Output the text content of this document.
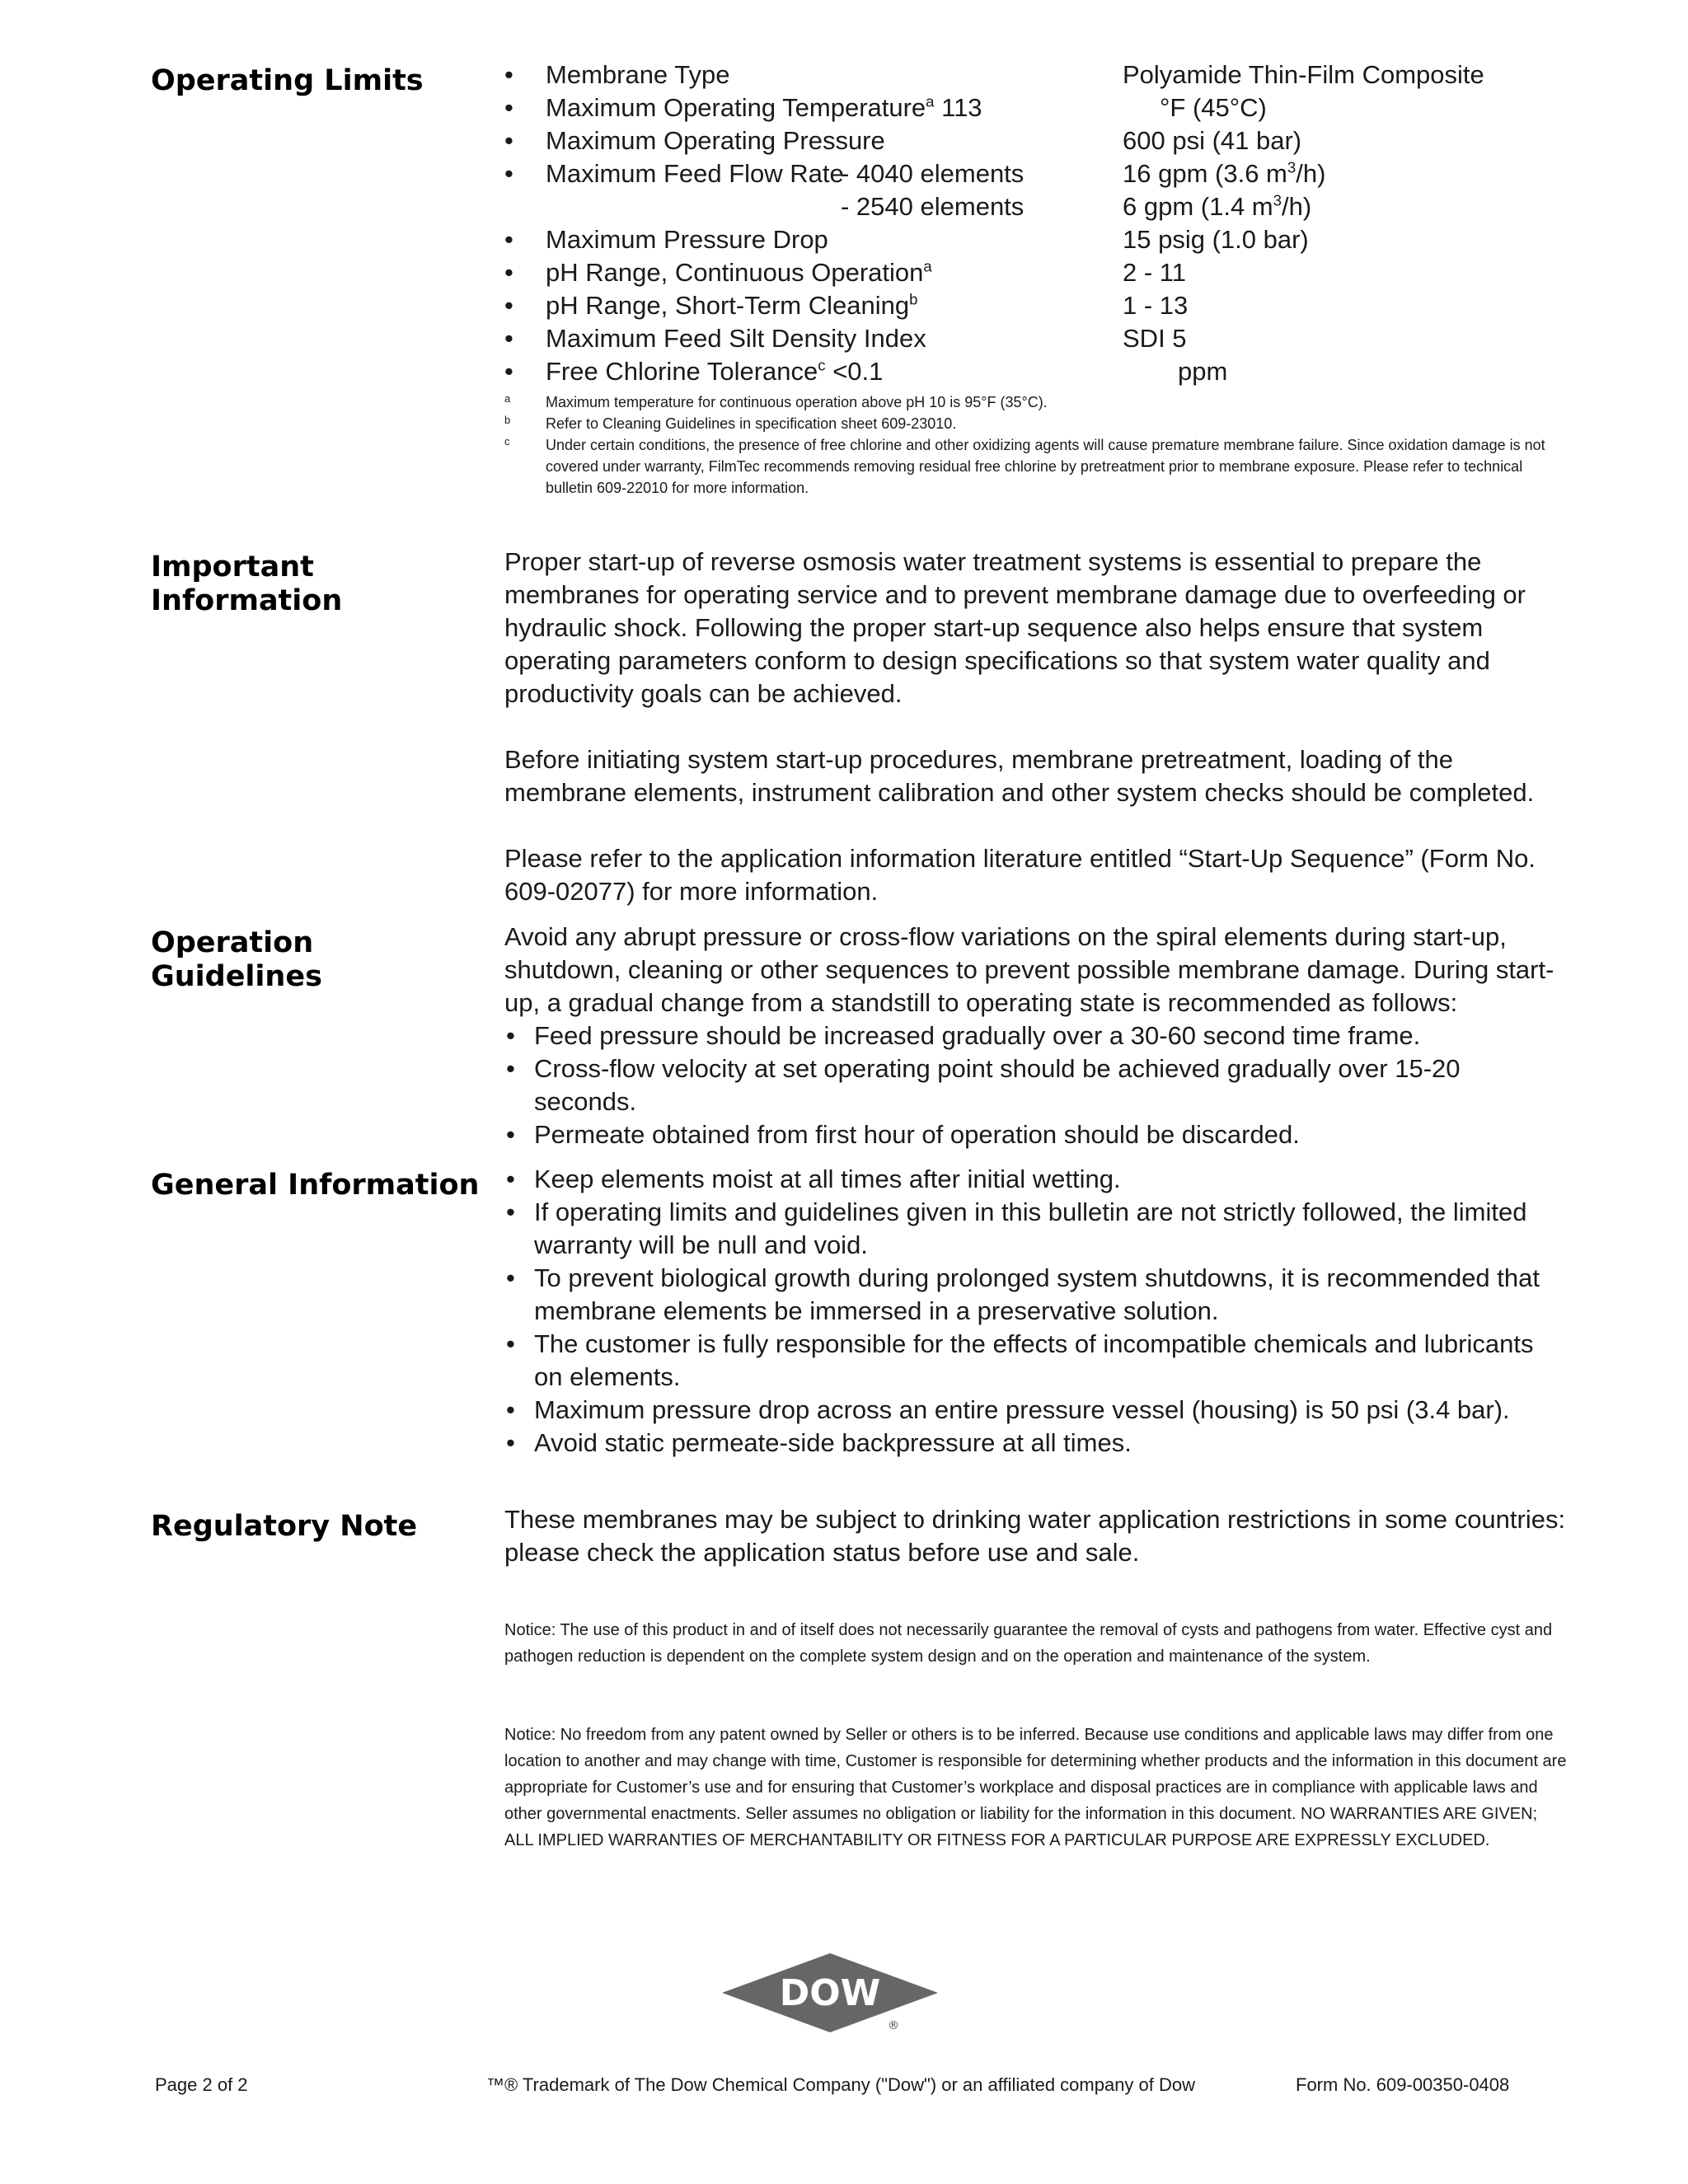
Operating Limits	•	Membrane Type	Polyamide Thin-Film Composite
•	Maximum Operating Temperature$^a$ 113	°F (45°C)
•	Maximum Operating Pressure	600 psi (41 bar)
•	Maximum Feed Flow Rate
- 4040 elements	16 gpm (3.6 $m^3/h$)
- 2540 elements	6 gpm (1.4 $m^3/h$)
•	Maximum Pressure Drop	15 psig (1.0 bar)
•	pH Range, Continuous Operation$^a$	2 - 11
•	pH Range, Short-Term Cleaning$^b$	1 - 13
•	Maximum Feed Silt Density Index	SDI 5
•	Free Chlorine Tolerance$^c$ <0.1	ppm
a Maximum temperature for continuous operation above pH 10 is 95°F (35°C).
b Refer to Cleaning Guidelines in specification sheet 609-23010.
c Under certain conditions, the presence of free chlorine and other oxidizing agents will cause premature membrane failure. Since oxidation damage is not covered under warranty, FilmTec recommends removing residual free chlorine by pretreatment prior to membrane exposure. Please refer to technical bulletin 609-22010 for more information.
Important
Information

Proper start-up of reverse osmosis water treatment systems is essential to prepare the membranes for operating service and to prevent membrane damage due to overfeeding or hydraulic shock. Following the proper start-up sequence also helps ensure that system operating parameters conform to design specifications so that system water quality and productivity goals can be achieved.

Before initiating system start-up procedures, membrane pretreatment, loading of the membrane elements, instrument calibration and other system checks should be completed.

Please refer to the application information literature entitled “Start-Up Sequence” (Form No. 609-02077) for more information.

Operation
Guidelines

Avoid any abrupt pressure or cross-flow variations on the spiral elements during start-up, shutdown, cleaning or other sequences to prevent possible membrane damage. During start-up, a gradual change from a standstill to operating state is recommended as follows:

• Feed pressure should be increased gradually over a 30-60 second time frame.
• Cross-flow velocity at set operating point should be achieved gradually over 15-20 seconds.
• Permeate obtained from first hour of operation should be discarded.
General Information • Keep elements moist at all times after initial wetting.
• If operating limits and guidelines given in this bulletin are not strictly followed, the limited warranty will be null and void.
• To prevent biological growth during prolonged system shutdowns, it is recommended that membrane elements be immersed in a preservative solution.
• The customer is fully responsible for the effects of incompatible chemicals and lubricants on elements.
• Maximum pressure drop across an entire pressure vessel (housing) is 50 psi (3.4 bar).
• Avoid static permeate-side backpressure at all times.
Regulatory Note	These membranes may be subject to drinking water application restrictions in some countries: please check the application status before use and sale.

Notice: The use of this product in and of itself does not necessarily guarantee the removal of cysts and pathogens from water. Effective cyst and pathogen reduction is dependent on the complete system design and on the operation and maintenance of the system.

Notice: No freedom from any patent owned by Seller or others is to be inferred. Because use conditions and applicable laws may differ from one location to another and may change with time, Customer is responsible for determining whether products and the information in this document are appropriate for Customer’s use and for ensuring that Customer’s workplace and disposal practices are in compliance with applicable laws and other governmental enactments. Seller assumes no obligation or liability for the information in this document. NO WARRANTIES ARE GIVEN; ALL IMPLIED WARRANTIES OF MERCHANTABILITY OR FITNESS FOR A PARTICULAR PURPOSE ARE EXPRESSLY EXCLUDED.

DOW
®
Page 2 of 2	™® Trademark of The Dow Chemical Company ("Dow") or an affiliated company of Dow	Form No. 609-00350-0408
